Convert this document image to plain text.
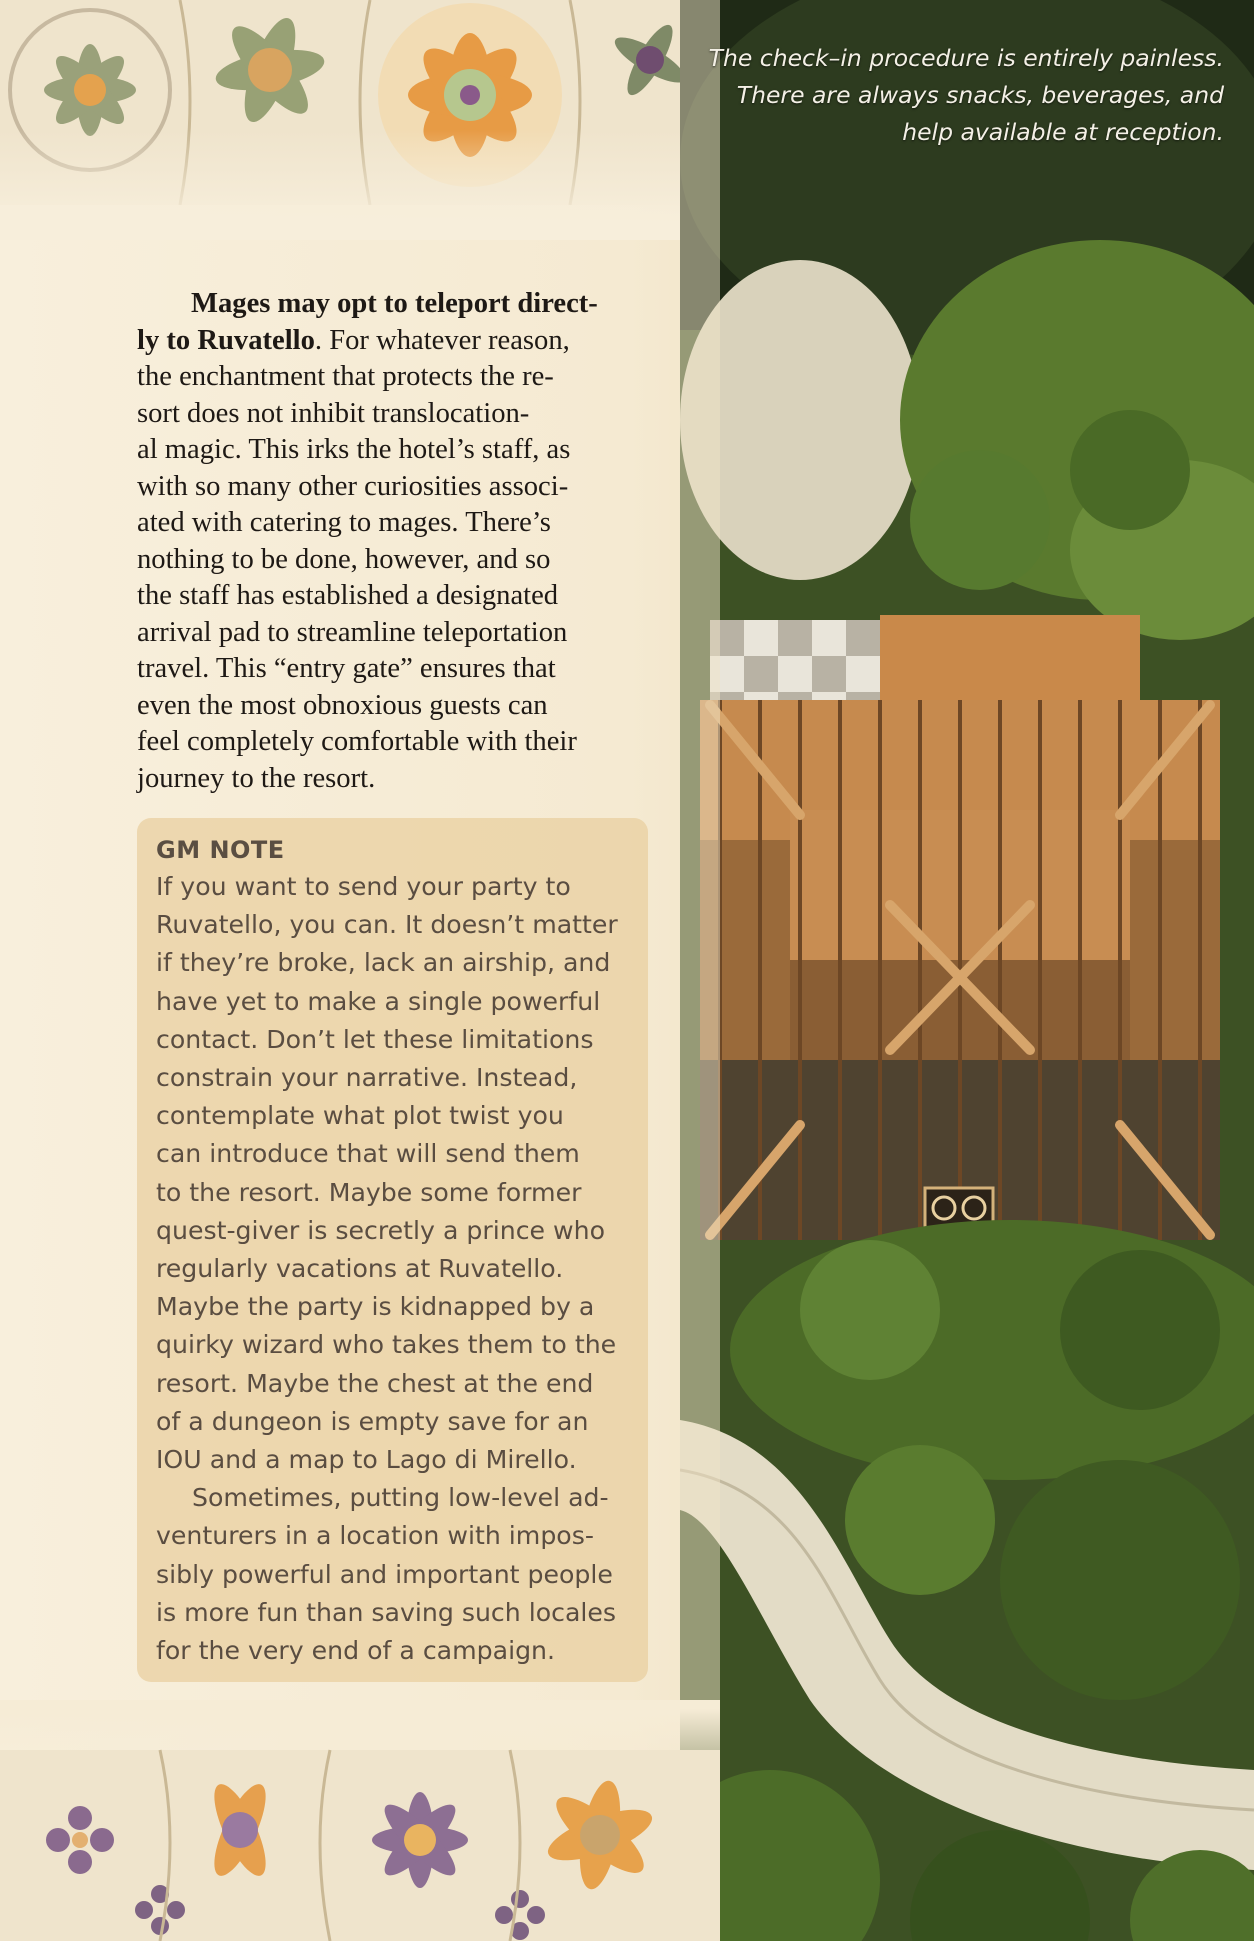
The check–in procedure is entirely painless.
There are always snacks, beverages, and
help available at reception.

Mages may opt to teleport direct-
ly to Ruvatello. For whatever reason,
the enchantment that protects the re-
sort does not inhibit translocation-
al magic. This irks the hotel’s staff, as
with so many other curiosities associ-
ated with catering to mages. There’s
nothing to be done, however, and so
the staff has established a designated
arrival pad to streamline teleportation
travel. This “entry gate” ensures that
even the most obnoxious guests can
feel completely comfortable with their
journey to the resort.

GM NOTE

If you want to send your party to
Ruvatello, you can. It doesn’t matter
if they’re broke, lack an airship, and
have yet to make a single powerful
contact. Don’t let these limitations
constrain your narrative. Instead,
contemplate what plot twist you
can introduce that will send them
to the resort. Maybe some former
quest-giver is secretly a prince who
regularly vacations at Ruvatello.
Maybe the party is kidnapped by a
quirky wizard who takes them to the
resort. Maybe the chest at the end
of a dungeon is empty save for an
IOU and a map to Lago di Mirello.
Sometimes, putting low-level ad-
venturers in a location with impos-
sibly powerful and important people
is more fun than saving such locales
for the very end of a campaign.
